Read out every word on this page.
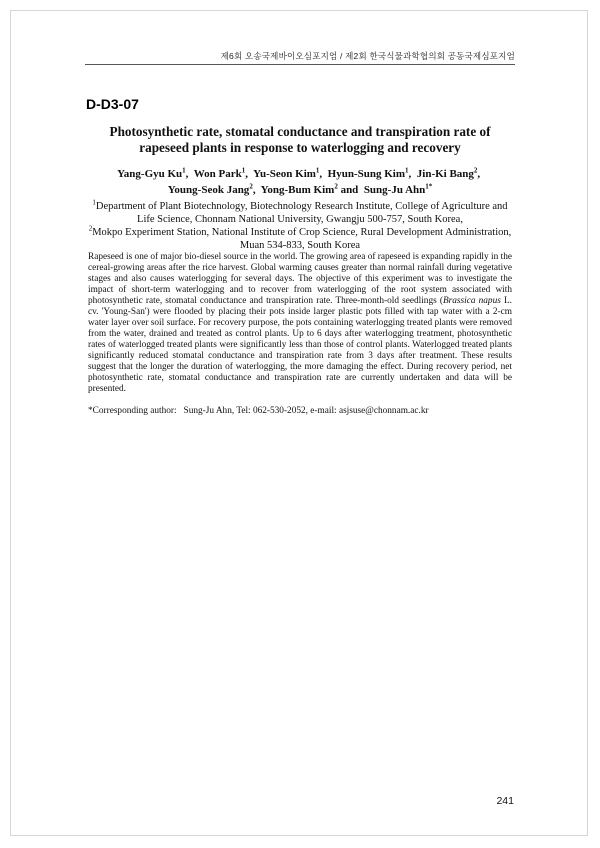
제6회 오송국제바이오심포지엄 / 제2회 한국식물과학협의회 공동국제심포지엄
D-D3-07
Photosynthetic rate, stomatal conductance and transpiration rate of rapeseed plants in response to waterlogging and recovery
Yang-Gyu Ku$^1$,  Won Park$^1$,  Yu-Seon Kim$^1$,  Hyun-Sung Kim$^1$,  Jin-Ki Bang$^2$,
Young-Seok Jang$^2$,  Yong-Bum Kim$^2$ and  Sung-Ju Ahn$^{1*}$
$^1$Department of Plant Biotechnology, Biotechnology Research Institute, College of Agriculture and Life Science, Chonnam National University, Gwangju 500-757, South Korea,
$^2$Mokpo Experiment Station, National Institute of Crop Science, Rural Development Administration, Muan 534-833, South Korea
Rapeseed is one of major bio-diesel source in the world. The growing area of rapeseed is expanding rapidly in the cereal-growing areas after the rice harvest. Global warming causes greater than normal rainfall during vegetative stages and also causes waterlogging for several days. The objective of this experiment was to investigate the impact of short-term waterlogging and to recover from waterlogging of the root system associated with photosynthetic rate, stomatal conductance and transpiration rate. Three-month-old seedlings (Brassica napus L. cv. 'Young-San') were flooded by placing their pots inside larger plastic pots filled with tap water with a 2-cm water layer over soil surface. For recovery purpose, the pots containing waterlogging treated plants were removed from the water, drained and treated as control plants. Up to 6 days after waterlogging treatment, photosynthetic rates of waterlogged treated plants were significantly less than those of control plants. Waterlogged treated plants significantly reduced stomatal conductance and transpiration rate from 3 days after treatment. These results suggest that the longer the duration of waterlogging, the more damaging the effect. During recovery period, net photosynthetic rate, stomatal conductance and transpiration rate are currently undertaken and data will be presented.
*Corresponding author:   Sung-Ju Ahn, Tel: 062-530-2052, e-mail: asjsuse@chonnam.ac.kr
241
